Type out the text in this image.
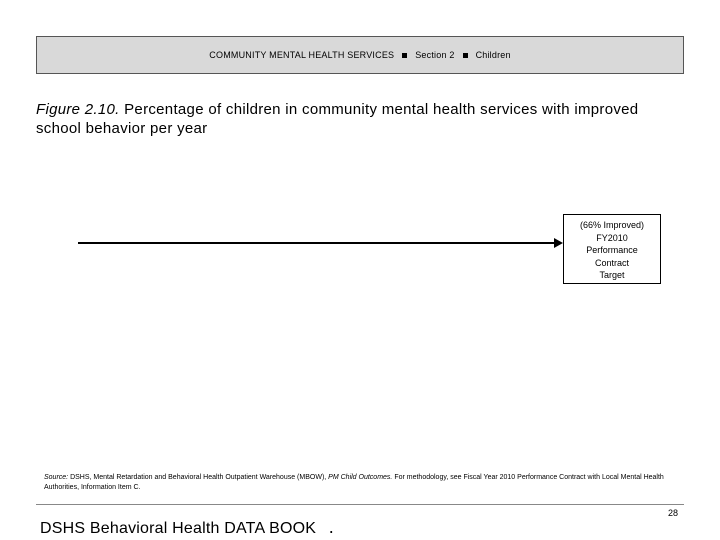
COMMUNITY MENTAL HEALTH SERVICES Section 2 Children
Figure 2.10. Percentage of children in community mental health services with improved school behavior per year
(66% Improved)
FY2010
Performance
Contract
Target
Source: DSHS, Mental Retardation and Behavioral Health Outpatient Warehouse (MBOW), PM Child Outcomes. For methodology, see Fiscal Year 2010 Performance Contract with Local Mental Health Authorities, Information Item C.
28
DSHS Behavioral Health DATA BOOK .
